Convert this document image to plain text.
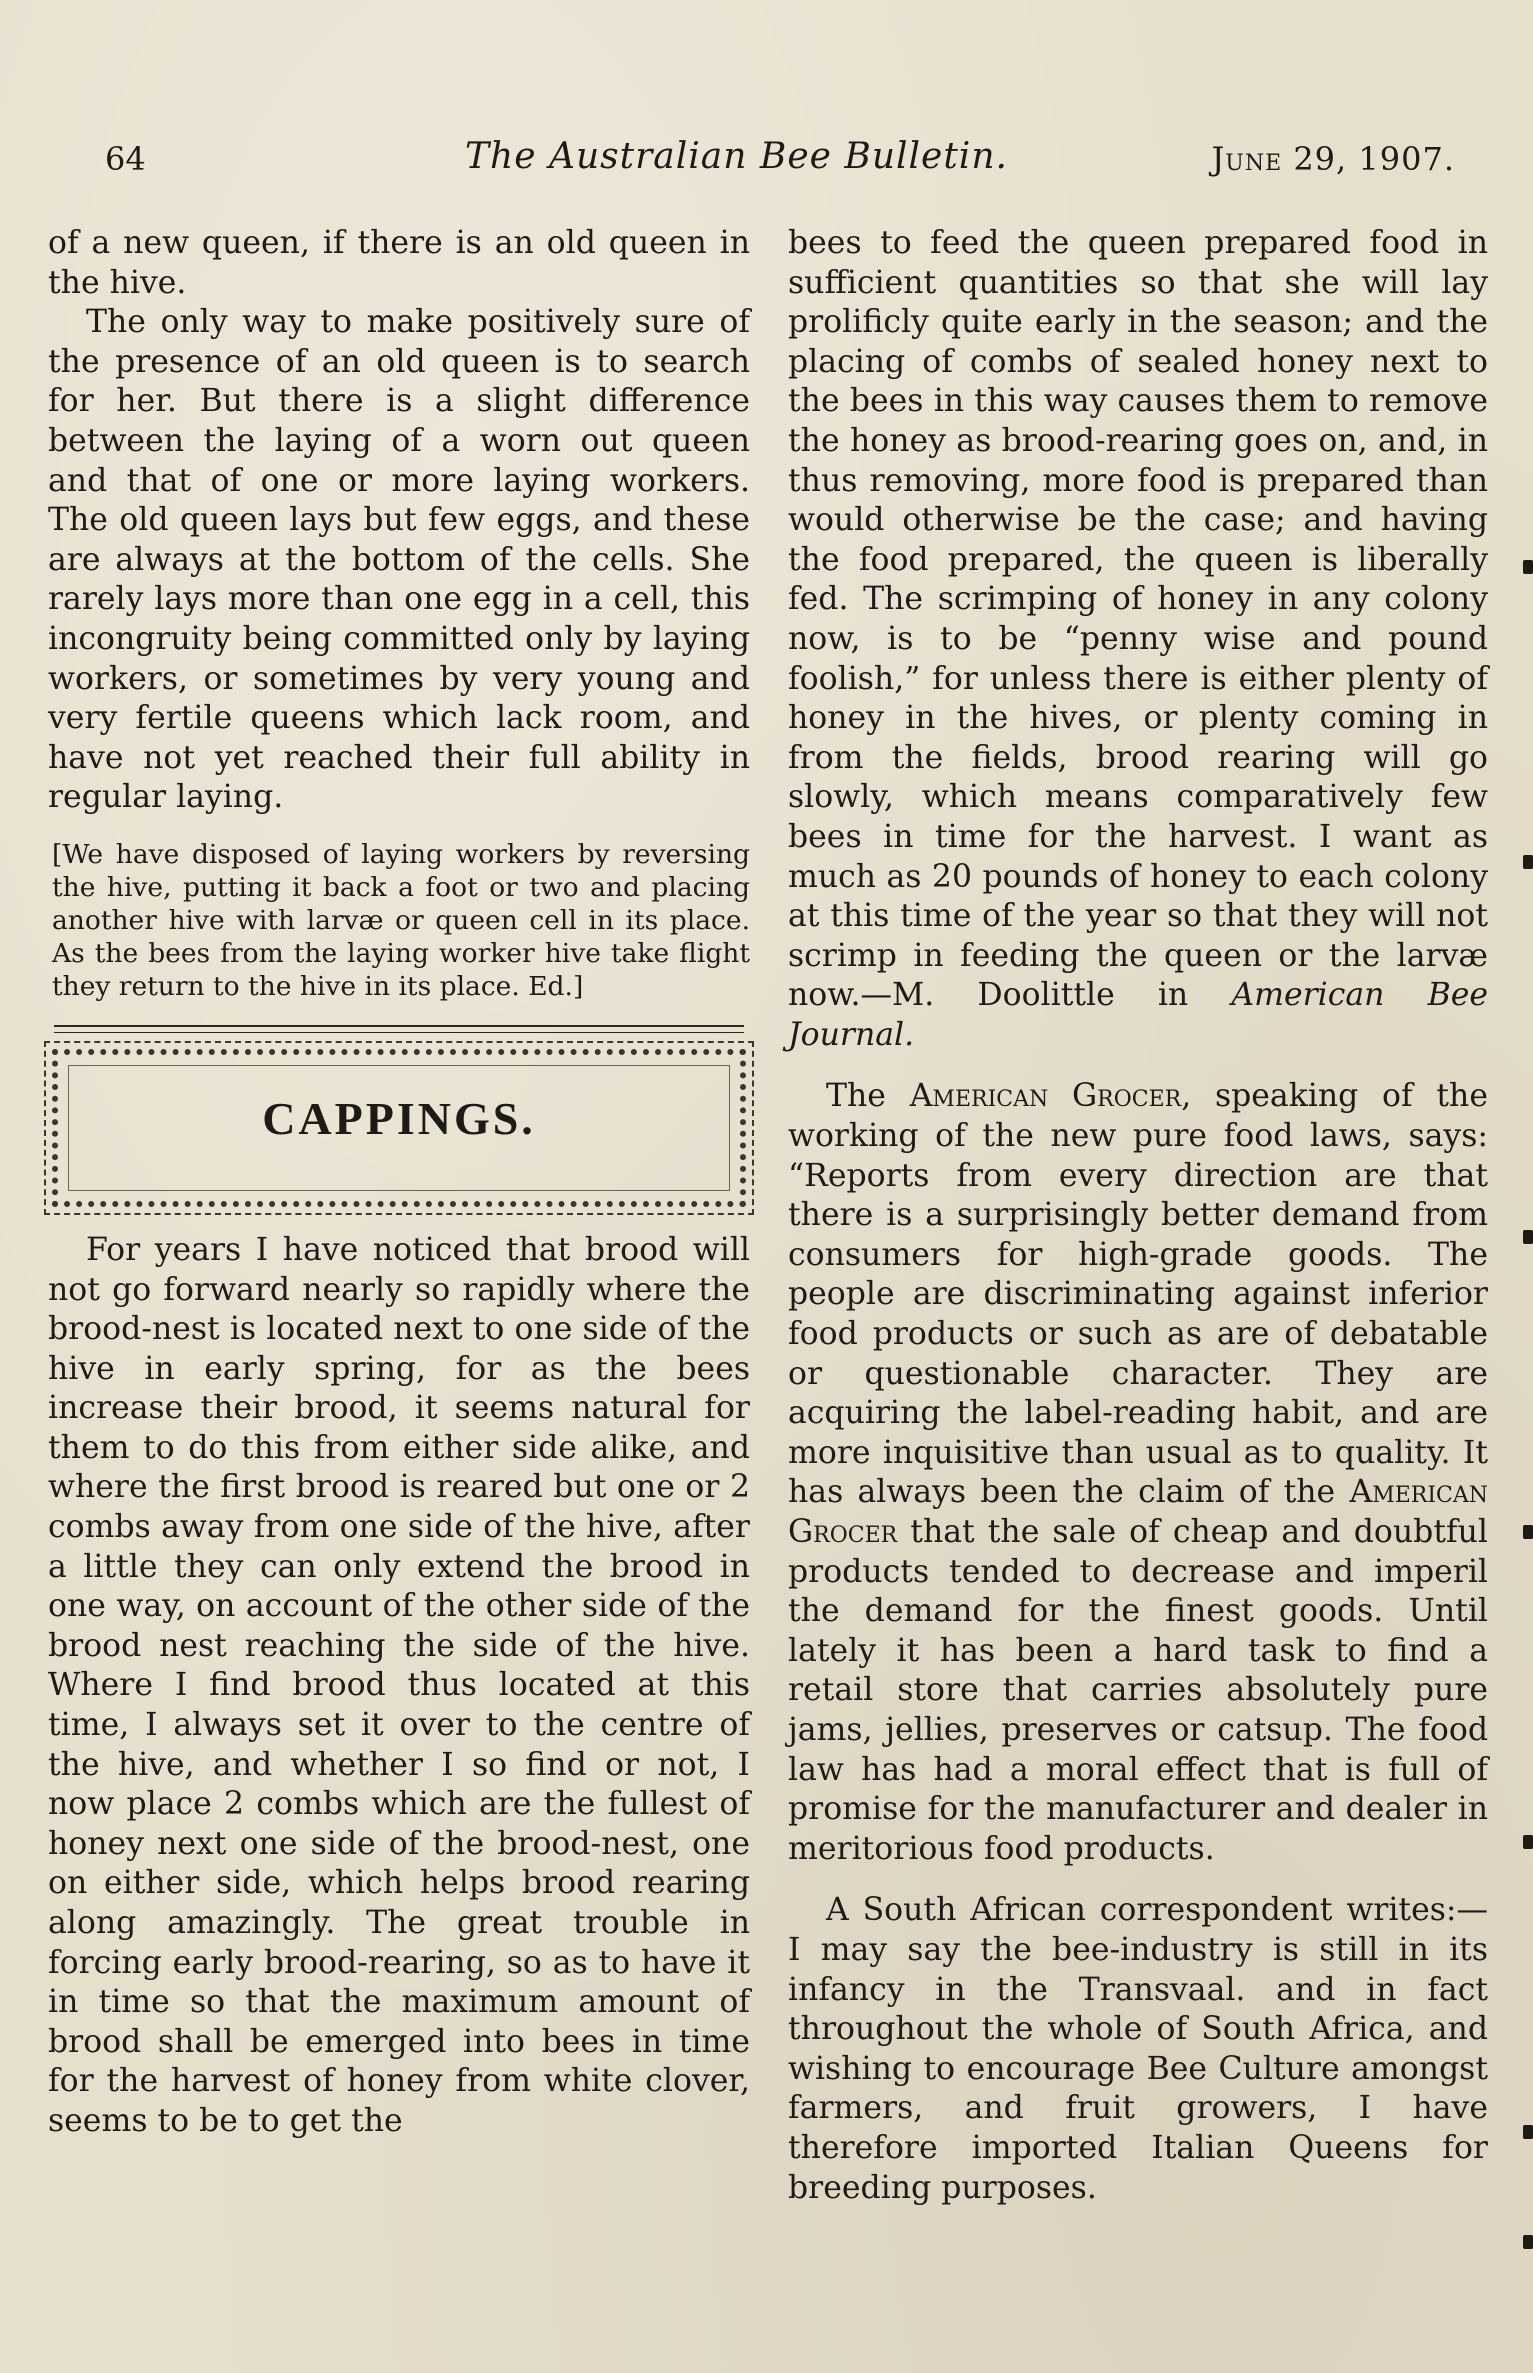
64	The Australian Bee Bulletin.	June 29, 1907.

of a new queen, if there is an old queen in the hive.

The only way to make positively sure of the presence of an old queen is to search for her. But there is a slight difference between the laying of a worn out queen and that of one or more laying workers. The old queen lays but few eggs, and these are always at the bottom of the cells. She rarely lays more than one egg in a cell, this incongruity being committed only by laying workers, or sometimes by very young and very fertile queens which lack room, and have not yet reached their full ability in regular laying.

[We have disposed of laying workers by reversing the hive, putting it back a foot or two and placing another hive with larvæ or queen cell in its place. As the bees from the laying worker hive take flight they return to the hive in its place. Ed.]

CAPPINGS.

For years I have noticed that brood will not go forward nearly so rapidly where the brood-nest is located next to one side of the hive in early spring, for as the bees increase their brood, it seems natural for them to do this from either side alike, and where the first brood is reared but one or 2 combs away from one side of the hive, after a little they can only extend the brood in one way, on account of the other side of the brood nest reaching the side of the hive. Where I find brood thus located at this time, I always set it over to the centre of the hive, and whether I so find or not, I now place 2 combs which are the fullest of honey next one side of the brood-nest, one on either side, which helps brood rearing along amazingly. The great trouble in forcing early brood-rearing, so as to have it in time so that the maximum amount of brood shall be emerged into bees in time for the harvest of honey from white clover, seems to be to get the

bees to feed the queen prepared food in sufficient quantities so that she will lay prolificly quite early in the season; and the placing of combs of sealed honey next to the bees in this way causes them to remove the honey as brood-rearing goes on, and, in thus removing, more food is prepared than would otherwise be the case; and having the food prepared, the queen is liberally fed. The scrimping of honey in any colony now, is to be “penny wise and pound foolish,” for unless there is either plenty of honey in the hives, or plenty coming in from the fields, brood rearing will go slowly, which means comparatively few bees in time for the harvest. I want as much as 20 pounds of honey to each colony at this time of the year so that they will not scrimp in feeding the queen or the larvæ now.—M. Doolittle in American Bee Journal.

The American Grocer, speaking of the working of the new pure food laws, says: “Reports from every direction are that there is a surprisingly better demand from consumers for high-grade goods. The people are discriminating against inferior food products or such as are of debatable or questionable character. They are acquiring the label-reading habit, and are more inquisitive than usual as to quality. It has always been the claim of the American Grocer that the sale of cheap and doubtful products tended to decrease and imperil the demand for the finest goods. Until lately it has been a hard task to find a retail store that carries absolutely pure jams, jellies, preserves or catsup. The food law has had a moral effect that is full of promise for the manufacturer and dealer in meritorious food products.

A South African correspondent writes:— I may say the bee-industry is still in its infancy in the Transvaal. and in fact throughout the whole of South Africa, and wishing to encourage Bee Culture amongst farmers, and fruit growers, I have therefore imported Italian Queens for breeding purposes.
